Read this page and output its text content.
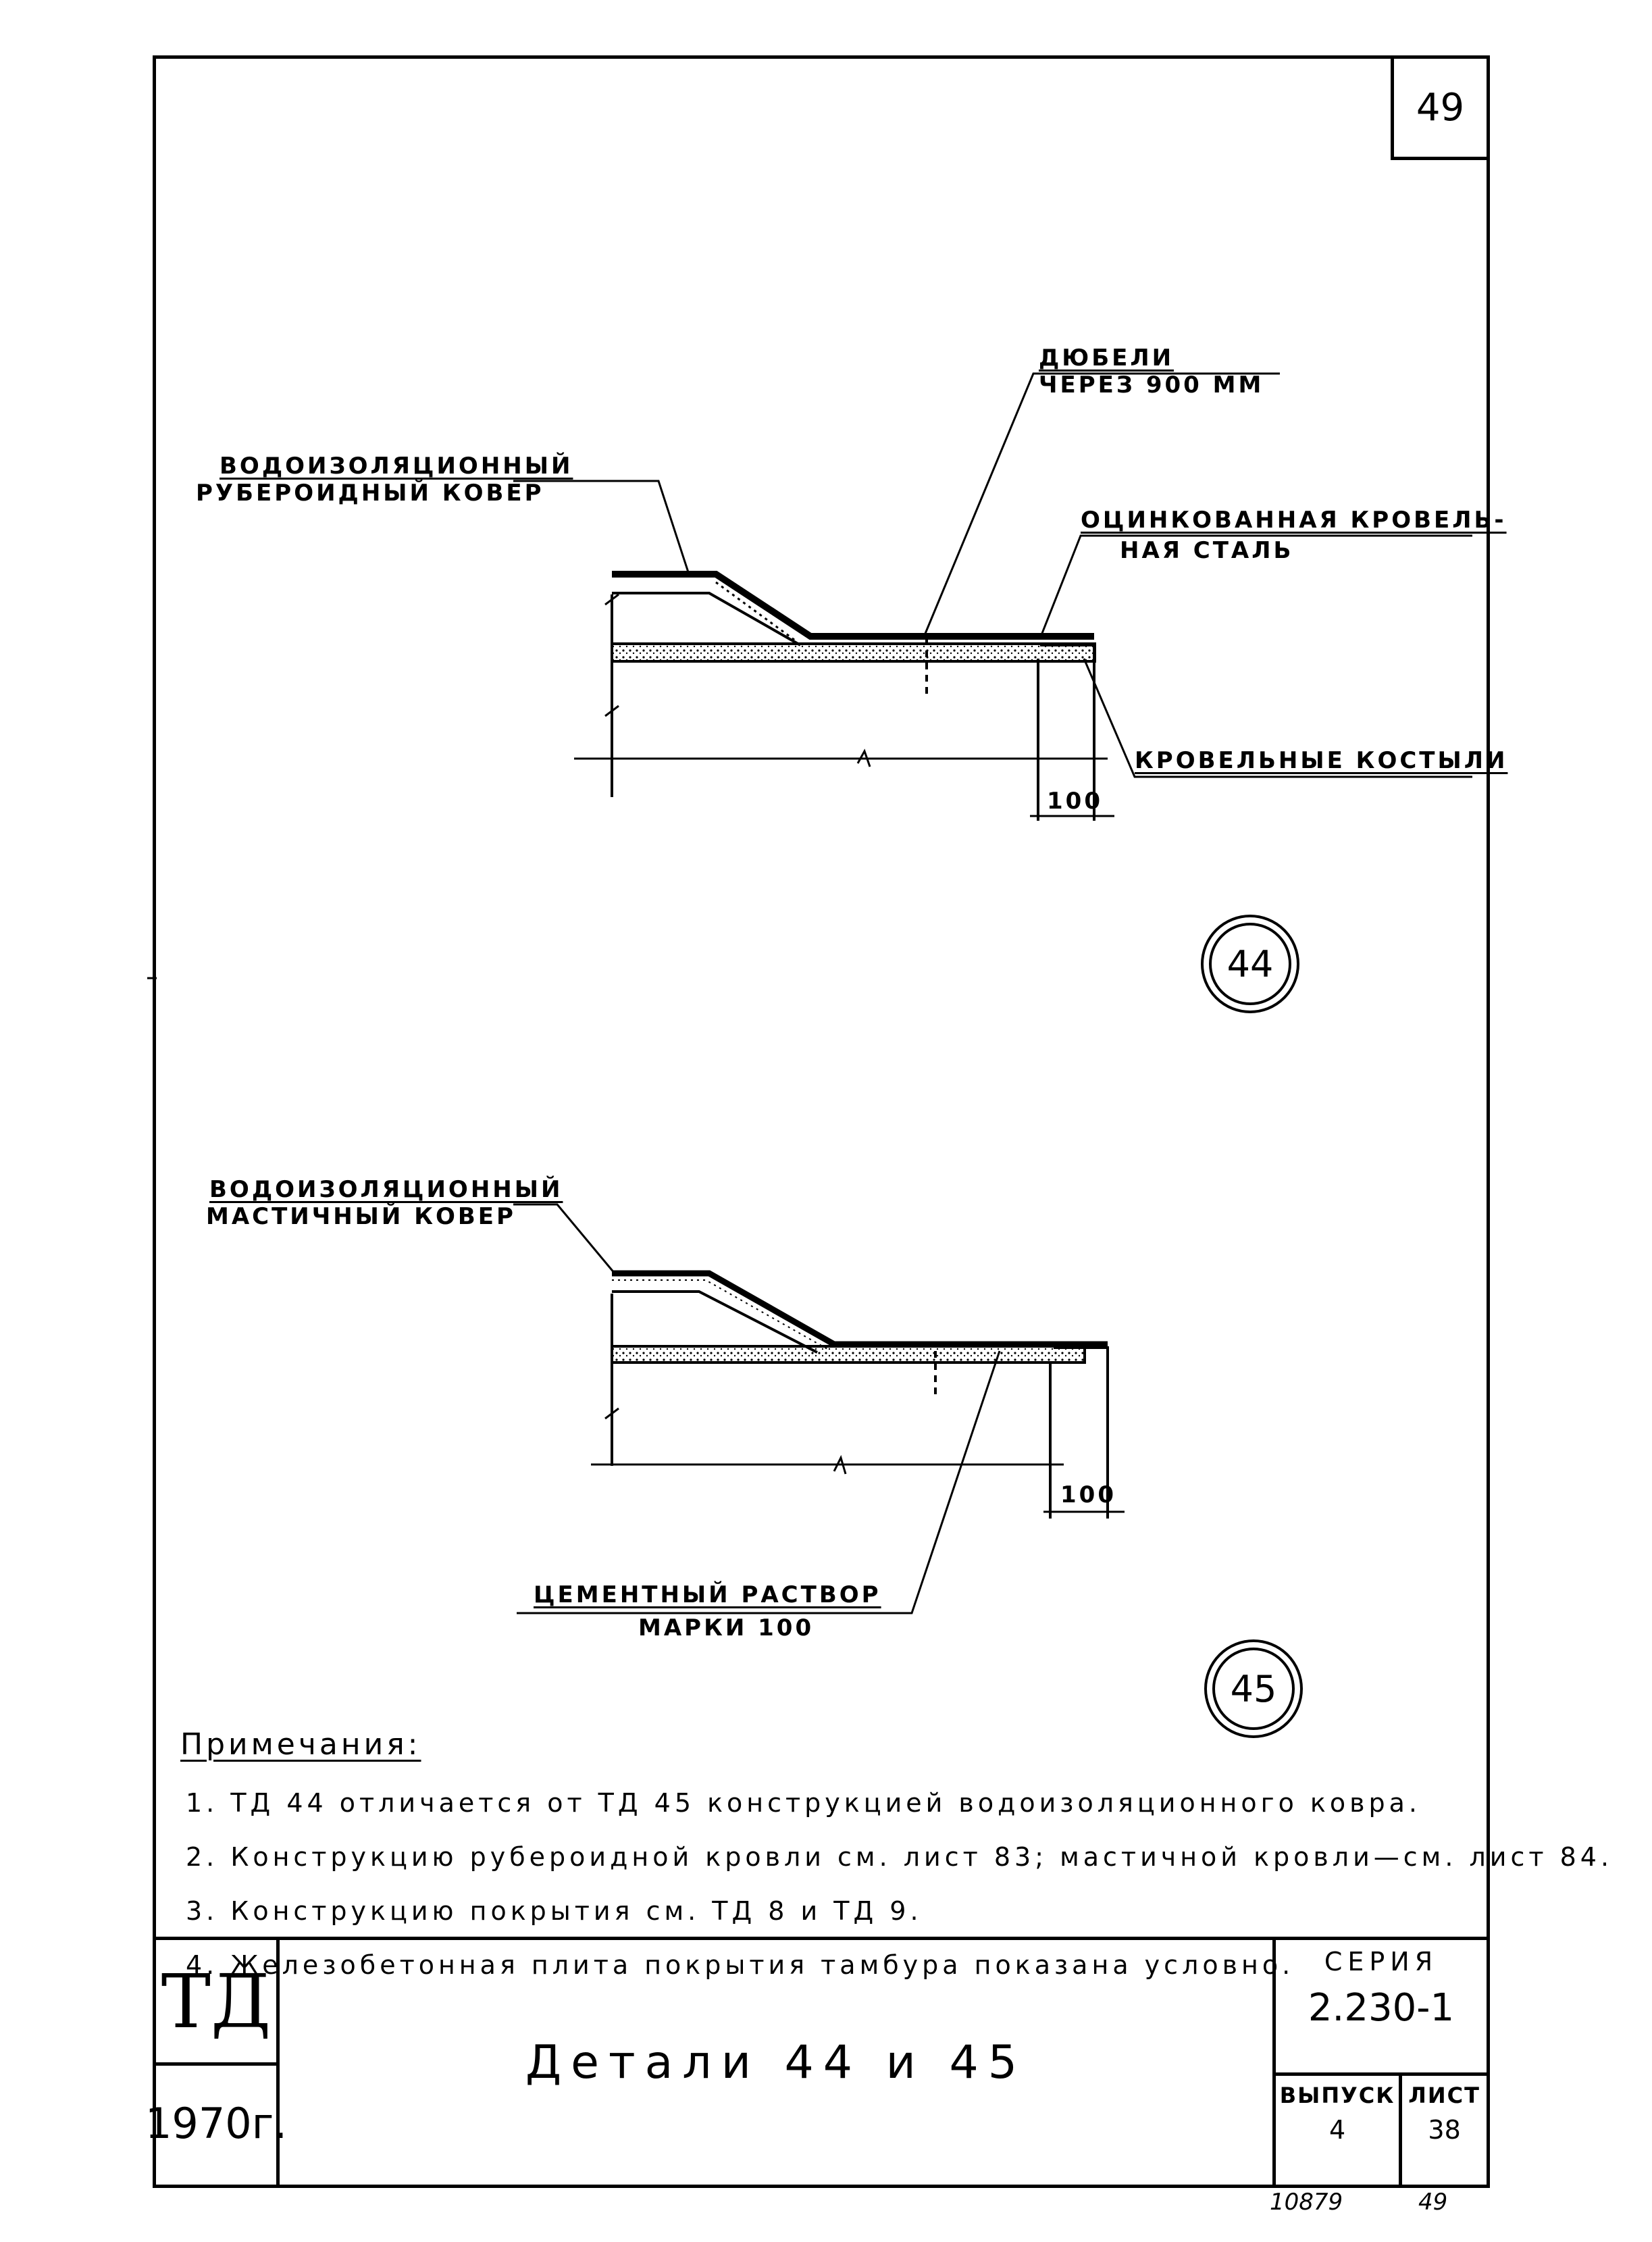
49
44
45
Примечания:
1. ТД 44 отличается от ТД 45 конструкцией водоизоляционного ковра.
2. Конструкцию рубероидной кровли см. лист 83; мастичной кровли—см. лист 84.
3. Конструкцию покрытия см. ТД 8 и ТД 9.
4. Железобетонная плита покрытия тамбура показана условно.
ТД
1970г.
Детали 44 и 45
СЕРИЯ
2.230-1
ВЫПУСК
4
ЛИСТ
38
10879	49
ДЮБЕЛИ
ЧЕРЕЗ 900 ММ
ВОДОИЗОЛЯЦИОННЫЙ
РУБЕРОИДНЫЙ КОВЕР
ОЦИНКОВАННАЯ КРОВЕЛЬ-
НАЯ СТАЛЬ
КРОВЕЛЬНЫЕ КОСТЫЛИ
100
ВОДОИЗОЛЯЦИОННЫЙ
МАСТИЧНЫЙ КОВЕР
ЦЕМЕНТНЫЙ РАСТВОР
МАРКИ 100
100
